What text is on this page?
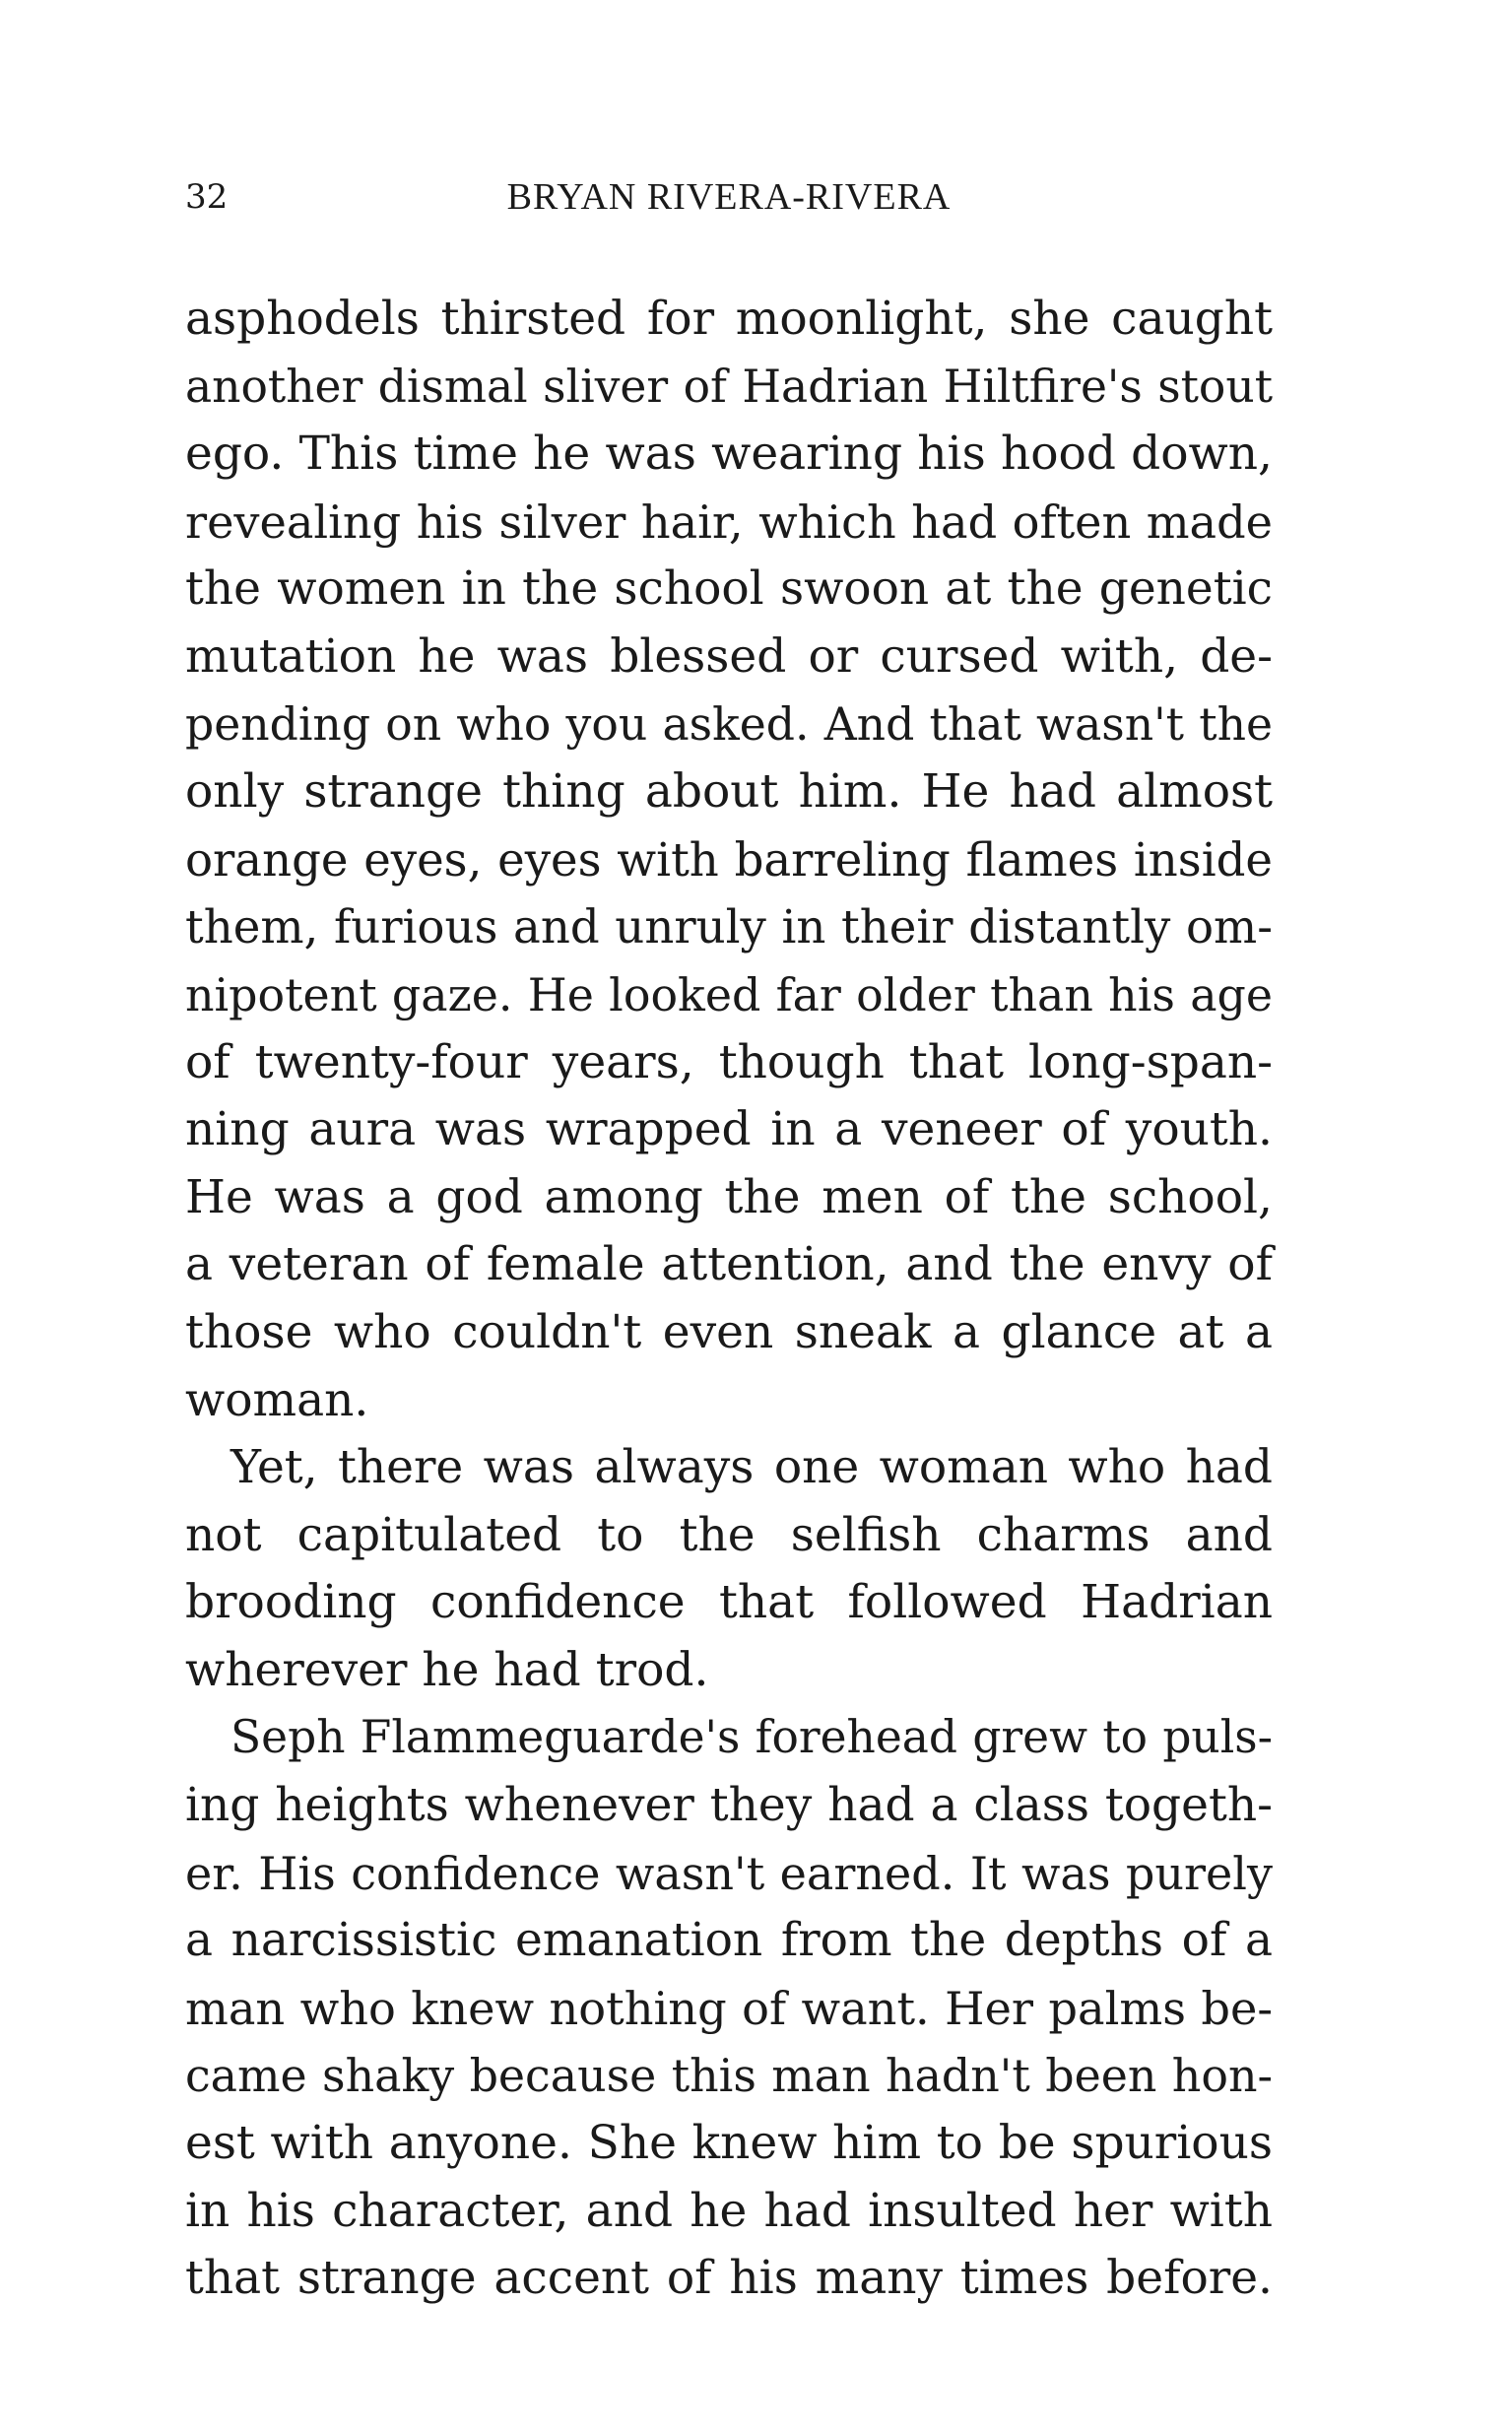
32	BRYAN RIVERA-RIVERA
asphodels thirsted for moonlight, she caught
another dismal sliver of Hadrian Hiltfire's stout
ego. This time he was wearing his hood down,
revealing his silver hair, which had often made
the women in the school swoon at the genetic
mutation he was blessed or cursed with, de-
pending on who you asked. And that wasn't the
only strange thing about him. He had almost
orange eyes, eyes with barreling flames inside
them, furious and unruly in their distantly om-
nipotent gaze. He looked far older than his age
of twenty-four years, though that long-span-
ning aura was wrapped in a veneer of youth.
He was a god among the men of the school,
a veteran of female attention, and the envy of
those who couldn't even sneak a glance at a
woman.
Yet, there was always one woman who had
not capitulated to the selfish charms and
brooding confidence that followed Hadrian
wherever he had trod.
Seph Flammeguarde's forehead grew to puls-
ing heights whenever they had a class togeth-
er. His confidence wasn't earned. It was purely
a narcissistic emanation from the depths of a
man who knew nothing of want. Her palms be-
came shaky because this man hadn't been hon-
est with anyone. She knew him to be spurious
in his character, and he had insulted her with
that strange accent of his many times before.
